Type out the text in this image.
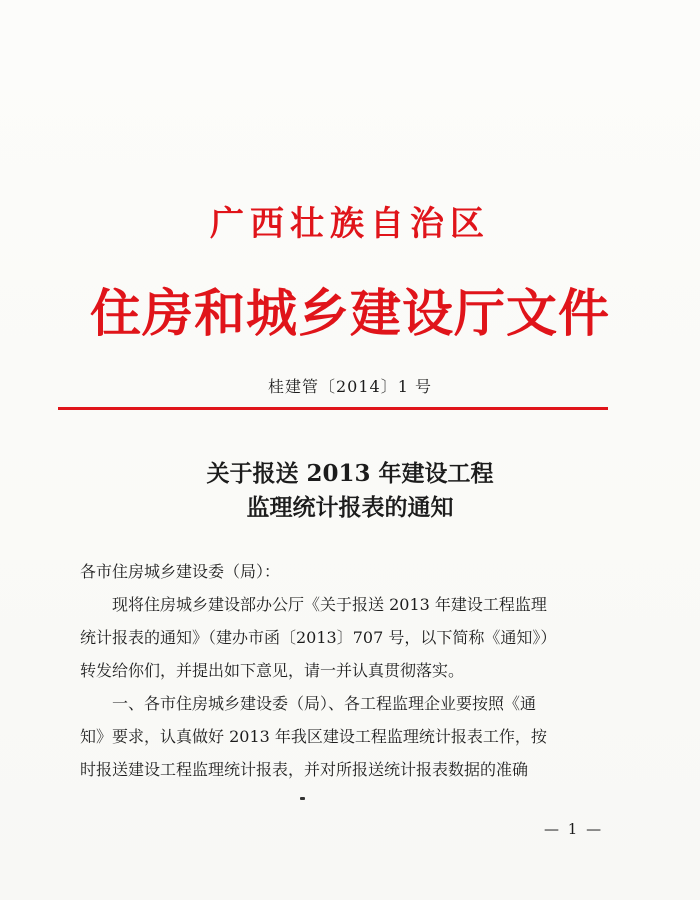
广西壮族自治区
住房和城乡建设厅文件
桂建管〔2014〕1 号
关于报送 2013 年建设工程
监理统计报表的通知
各市住房城乡建设委（局）：
现将住房城乡建设部办公厅《关于报送 2013 年建设工程监理
统计报表的通知》（建办市函〔2013〕707 号，以下简称《通知》）
转发给你们，并提出如下意见，请一并认真贯彻落实。
一、各市住房城乡建设委（局）、各工程监理企业要按照《通
知》要求，认真做好 2013 年我区建设工程监理统计报表工作，按
时报送建设工程监理统计报表，并对所报送统计报表数据的准确
— 1 —
